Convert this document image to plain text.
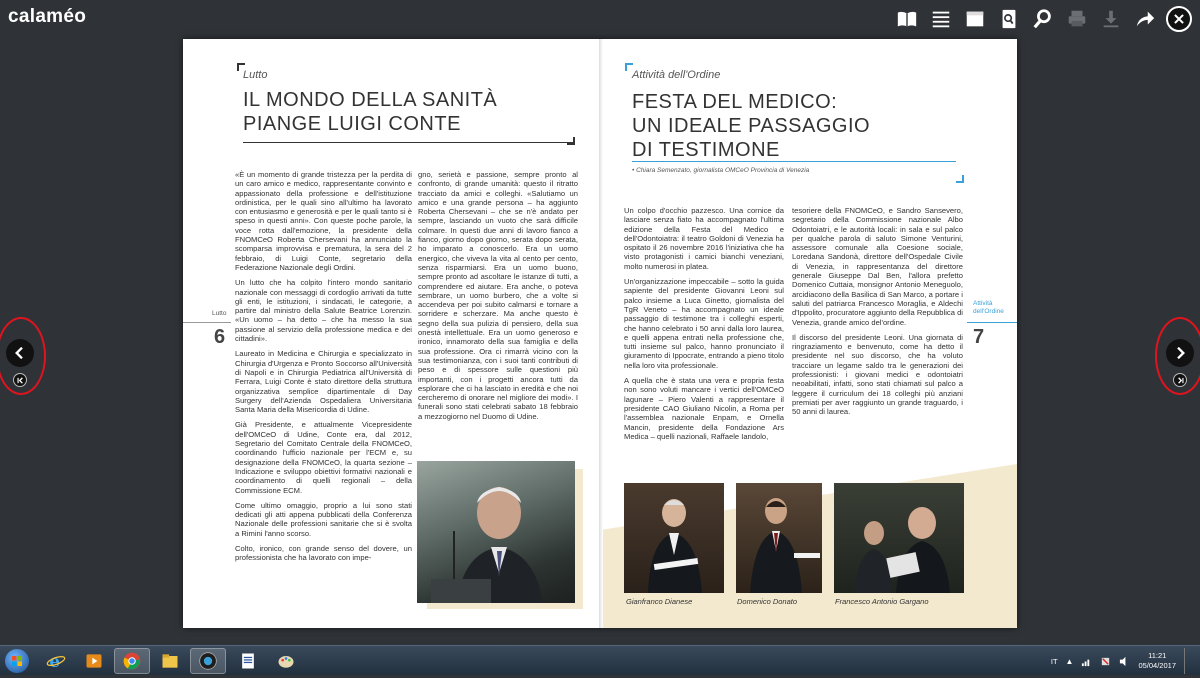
calaméo
Lutto
IL MONDO DELLA SANITÀ
PIANGE LUIGI CONTE
Lutto
6

«È un momento di grande tristezza per la perdita di un caro amico e medico, rappresentante convinto e appassionato della professione e dell'istituzione ordinistica, per le quali sino all'ultimo ha lavorato con entusiasmo e generosità e per le quali tanto si è speso in questi anni». Con queste poche parole, la voce rotta dall'emozione, la presidente della FNOMCeO Roberta Chersevani ha annunciato la scomparsa improvvisa e prematura, la sera del 2 febbraio, di Luigi Conte, segretario della Federazione Nazionale degli Ordini.

Un lutto che ha colpito l'intero mondo sanitario nazionale con messaggi di cordoglio arrivati da tutte gli enti, le istituzioni, i sindacati, le categorie, a partire dal ministro della Salute Beatrice Lorenzin. «Un uomo – ha detto – che ha messo la sua passione al servizio della professione medica e dei cittadini».

Laureato in Medicina e Chirurgia e specializzato in Chirurgia d'Urgenza e Pronto Soccorso all'Università di Napoli e in Chirurgia Pediatrica all'Università di Ferrara, Luigi Conte è stato direttore della struttura organizzativa semplice dipartimentale di Day Surgery dell'Azienda Ospedaliera Universitaria Santa Maria della Misericordia di Udine.

Già Presidente, e attualmente Vicepresidente dell'OMCeO di Udine, Conte era, dal 2012, Segretario del Comitato Centrale della FNOMCeO, coordinando l'ufficio nazionale per l'ECM e, su designazione della FNOMCeO, la quarta sezione – Indicazione e sviluppo obiettivi formativi nazionali e coordinamento di quelli regionali – della Commissione ECM.

Come ultimo omaggio, proprio a lui sono stati dedicati gli atti appena pubblicati della Conferenza Nazionale delle professioni sanitarie che si è svolta a Rimini l'anno scorso.

Colto, ironico, con grande senso del dovere, un professionista che ha lavorato con impe-

gno, serietà e passione, sempre pronto al confronto, di grande umanità: questo il ritratto tracciato da amici e colleghi. «Salutiamo un amico e una grande persona – ha aggiunto Roberta Chersevani – che se n'è andato per sempre, lasciando un vuoto che sarà difficile colmare. In questi due anni di lavoro fianco a fianco, giorno dopo giorno, serata dopo serata, ho imparato a conoscerlo. Era un uomo energico, che viveva la vita al cento per cento, senza risparmiarsi. Era un uomo buono, sempre pronto ad ascoltare le istanze di tutti, a comprendere ed aiutare. Era anche, o poteva sembrare, un uomo burbero, che a volte si accendeva per poi subito calmarsi e tornare a sorridere e scherzare. Ma anche questo è segno della sua pulizia di pensiero, della sua onestà intellettuale. Era un uomo generoso e ironico, innamorato della sua famiglia e della sua professione. Ora ci rimarrà vicino con la sua testimonianza, con i suoi tanti contributi di peso e di spessore sulle questioni più importanti, con i progetti ancora tutti da esplorare che ci ha lasciato in eredità e che noi cercheremo di onorare nel migliore dei modi». I funerali sono stati celebrati sabato 18 febbraio a mezzogiorno nel Duomo di Udine.

Attività dell'Ordine
FESTA DEL MEDICO:
UN IDEALE PASSAGGIO
DI TESTIMONE
• Chiara Semenzato, giornalista OMCeO Provincia di Venezia
Attività
dell'Ordine
7

Un colpo d'occhio pazzesco. Una cornice da lasciare senza fiato ha accompagnato l'ultima edizione della Festa del Medico e dell'Odontoiatra: il teatro Goldoni di Venezia ha ospitato il 26 novembre 2016 l'iniziativa che ha visto protagonisti i camici bianchi veneziani, molto numerosi in platea.

Un'organizzazione impeccabile – sotto la guida sapiente del presidente Giovanni Leoni sul palco insieme a Luca Ginetto, giornalista del TgR Veneto – ha accompagnato un ideale passaggio di testimone tra i colleghi esperti, che hanno celebrato i 50 anni dalla loro laurea, e quelli appena entrati nella professione che, tutti insieme sul palco, hanno pronunciato il giuramento di Ippocrate, entrando a pieno titolo nella loro vita professionale.

A quella che è stata una vera e propria festa non sono voluti mancare i vertici dell'OMCeO lagunare – Piero Valenti a rappresentare il presidente CAO Giuliano Nicolin, a Roma per l'assemblea nazionale Enpam, e Ornella Mancin, presidente della Fondazione Ars Medica – quelli nazionali, Raffaele Iandolo,

tesoriere della FNOMCeO, e Sandro Sansevero, segretario della Commissione nazionale Albo Odontoiatri, e le autorità locali: in sala e sul palco per qualche parola di saluto Simone Venturini, assessore comunale alla Coesione sociale, Loredana Sandonà, direttore dell'Ospedale Civile di Venezia, in rappresentanza del direttore generale Giuseppe Dal Ben, l'allora prefetto Domenico Cuttaia, monsignor Antonio Meneguolo, arcidiacono della Basilica di San Marco, a portare i saluti del patriarca Francesco Moraglia, e Aldechi d'Ippolito, procuratore aggiunto della Repubblica di Venezia, grande amico del'ordine.

Il discorso del presidente Leoni. Una giornata di ringraziamento e benvenuto, come ha detto il presidente nel suo discorso, che ha voluto tracciare un legame saldo tra le generazioni dei professionisti: i giovani medici e odontoiatri neoabilitati, infatti, sono stati chiamati sul palco a leggere il curriculum dei 18 colleghi più anziani premiati per aver raggiunto un grande traguardo, i 50 anni di laurea.

Gianfranco Dianese	Domenico Donato	Francesco Antonio Gargano
e	IT ▲
11:21
05/04/2017
